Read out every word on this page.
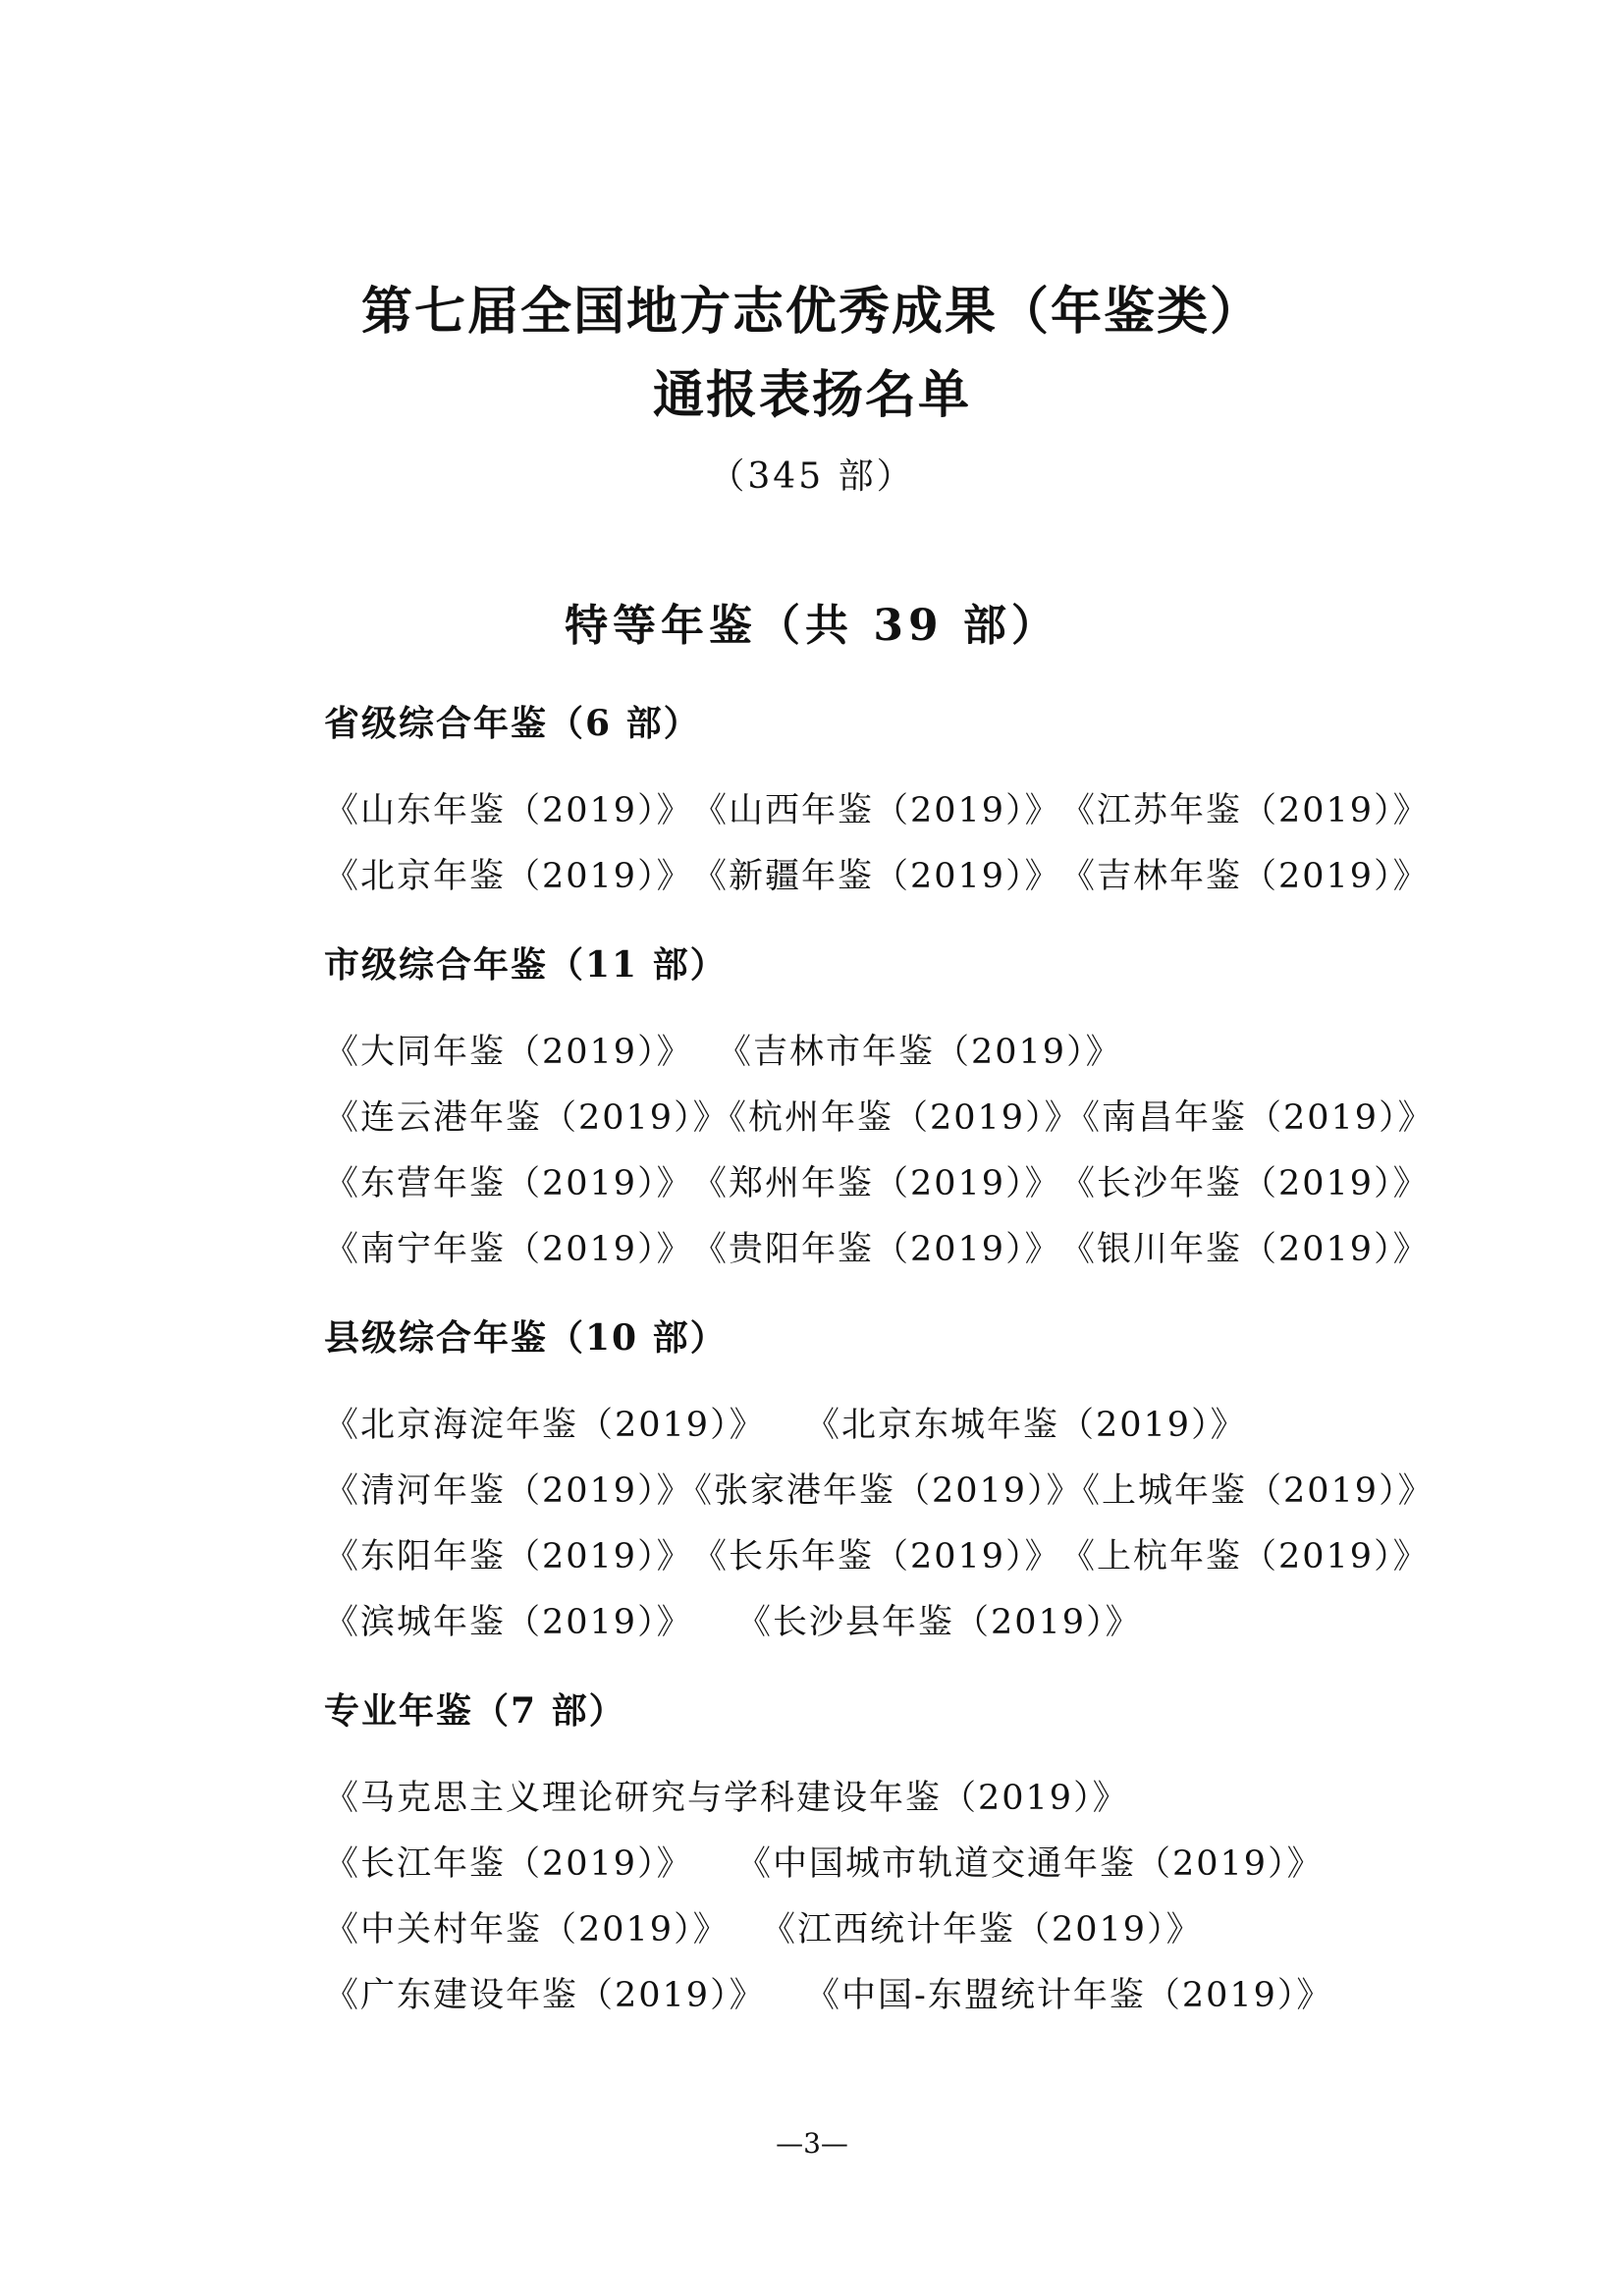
第七届全国地方志优秀成果（年鉴类）
通报表扬名单
（345 部）
特等年鉴（共 39 部）
省级综合年鉴（6 部）
《山东年鉴（2019）》 《山西年鉴（2019）》 《江苏年鉴（2019）》
《北京年鉴（2019）》 《新疆年鉴（2019）》 《吉林年鉴（2019）》
市级综合年鉴（11 部）
《大同年鉴（2019）》 《吉林市年鉴（2019）》
《连云港年鉴（2019）》
《杭州年鉴（2019）》
《南昌年鉴（2019）》
《东营年鉴（2019）》 《郑州年鉴（2019）》 《长沙年鉴（2019）》
《南宁年鉴（2019）》 《贵阳年鉴（2019）》 《银川年鉴（2019）》
县级综合年鉴（10 部）
《北京海淀年鉴（2019）》 《北京东城年鉴（2019）》
《清河年鉴（2019）》
《张家港年鉴（2019）》
《上城年鉴（2019）》
《东阳年鉴（2019）》 《长乐年鉴（2019）》 《上杭年鉴（2019）》
《滨城年鉴（2019）》 《长沙县年鉴（2019）》
专业年鉴（7 部）
《马克思主义理论研究与学科建设年鉴（2019）》
《长江年鉴（2019）》 《中国城市轨道交通年鉴（2019）》
《中关村年鉴（2019）》 《江西统计年鉴（2019）》
《广东建设年鉴（2019）》 《中国-东盟统计年鉴（2019）》
—3—
